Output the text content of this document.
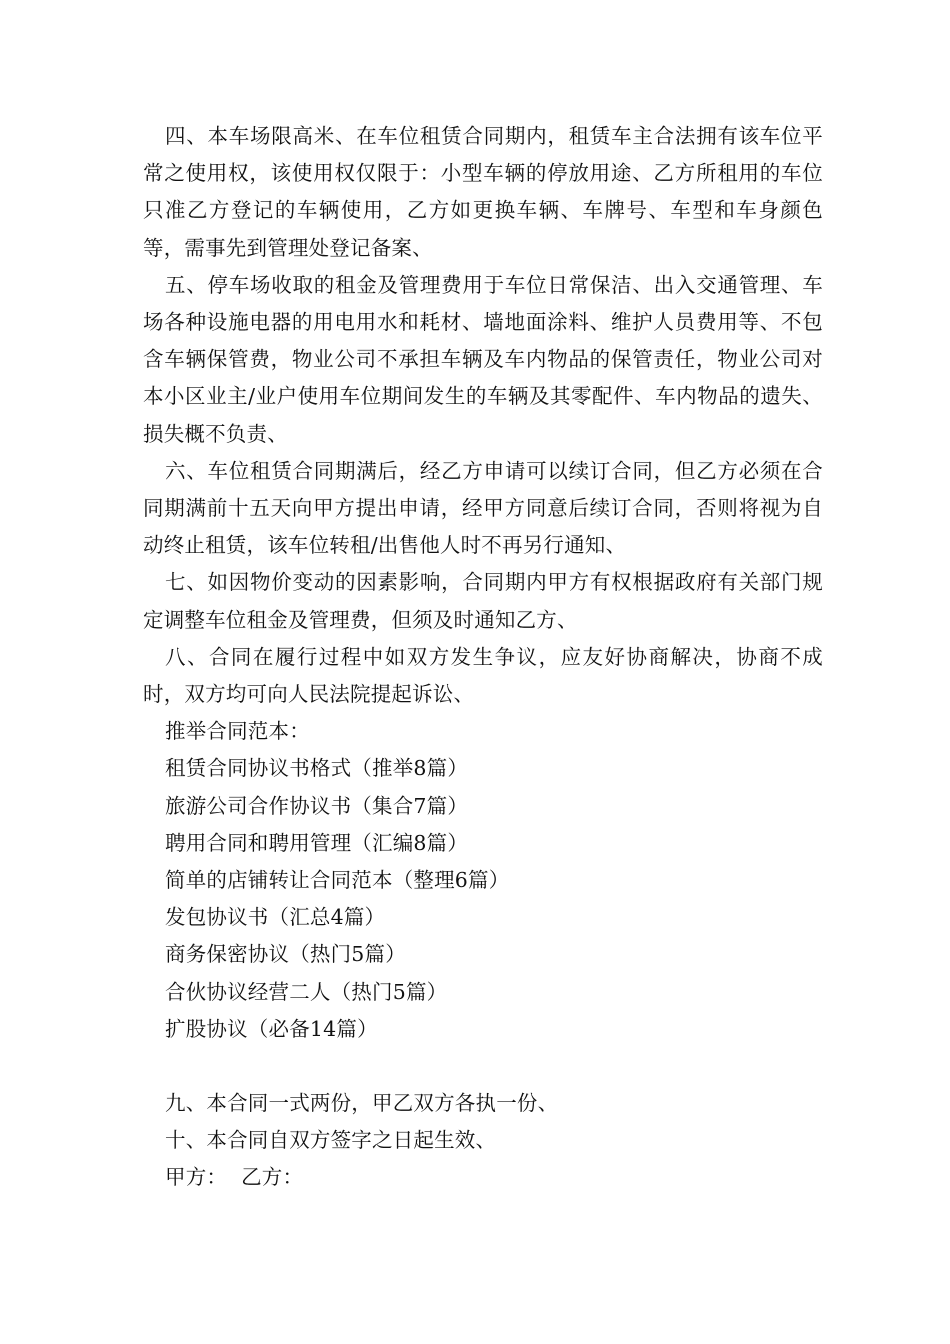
四、本车场限高米、在车位租赁合同期内，租赁车主合法拥有该车位平常之使用权，该使用权仅限于：小型车辆的停放用途、乙方所租用的车位只准乙方登记的车辆使用，乙方如更换车辆、车牌号、车型和车身颜色等，需事先到管理处登记备案、

五、停车场收取的租金及管理费用于车位日常保洁、出入交通管理、车场各种设施电器的用电用水和耗材、墙地面涂料、维护人员费用等、不包含车辆保管费，物业公司不承担车辆及车内物品的保管责任，物业公司对本小区业主/业户使用车位期间发生的车辆及其零配件、车内物品的遗失、损失概不负责、

六、车位租赁合同期满后，经乙方申请可以续订合同，但乙方必须在合同期满前十五天向甲方提出申请，经甲方同意后续订合同，否则将视为自动终止租赁，该车位转租/出售他人时不再另行通知、

七、如因物价变动的因素影响，合同期内甲方有权根据政府有关部门规定调整车位租金及管理费，但须及时通知乙方、

八、合同在履行过程中如双方发生争议，应友好协商解决，协商不成时，双方均可向人民法院提起诉讼、

推举合同范本：

租赁合同协议书格式（推举8篇）
旅游公司合作协议书（集合7篇）
聘用合同和聘用管理（汇编8篇）
简单的店铺转让合同范本（整理6篇）
发包协议书（汇总4篇）
商务保密协议（热门5篇）
合伙协议经营二人（热门5篇）
扩股协议（必备14篇）

九、本合同一式两份，甲乙双方各执一份、

十、本合同自双方签字之日起生效、

甲方： 乙方：
